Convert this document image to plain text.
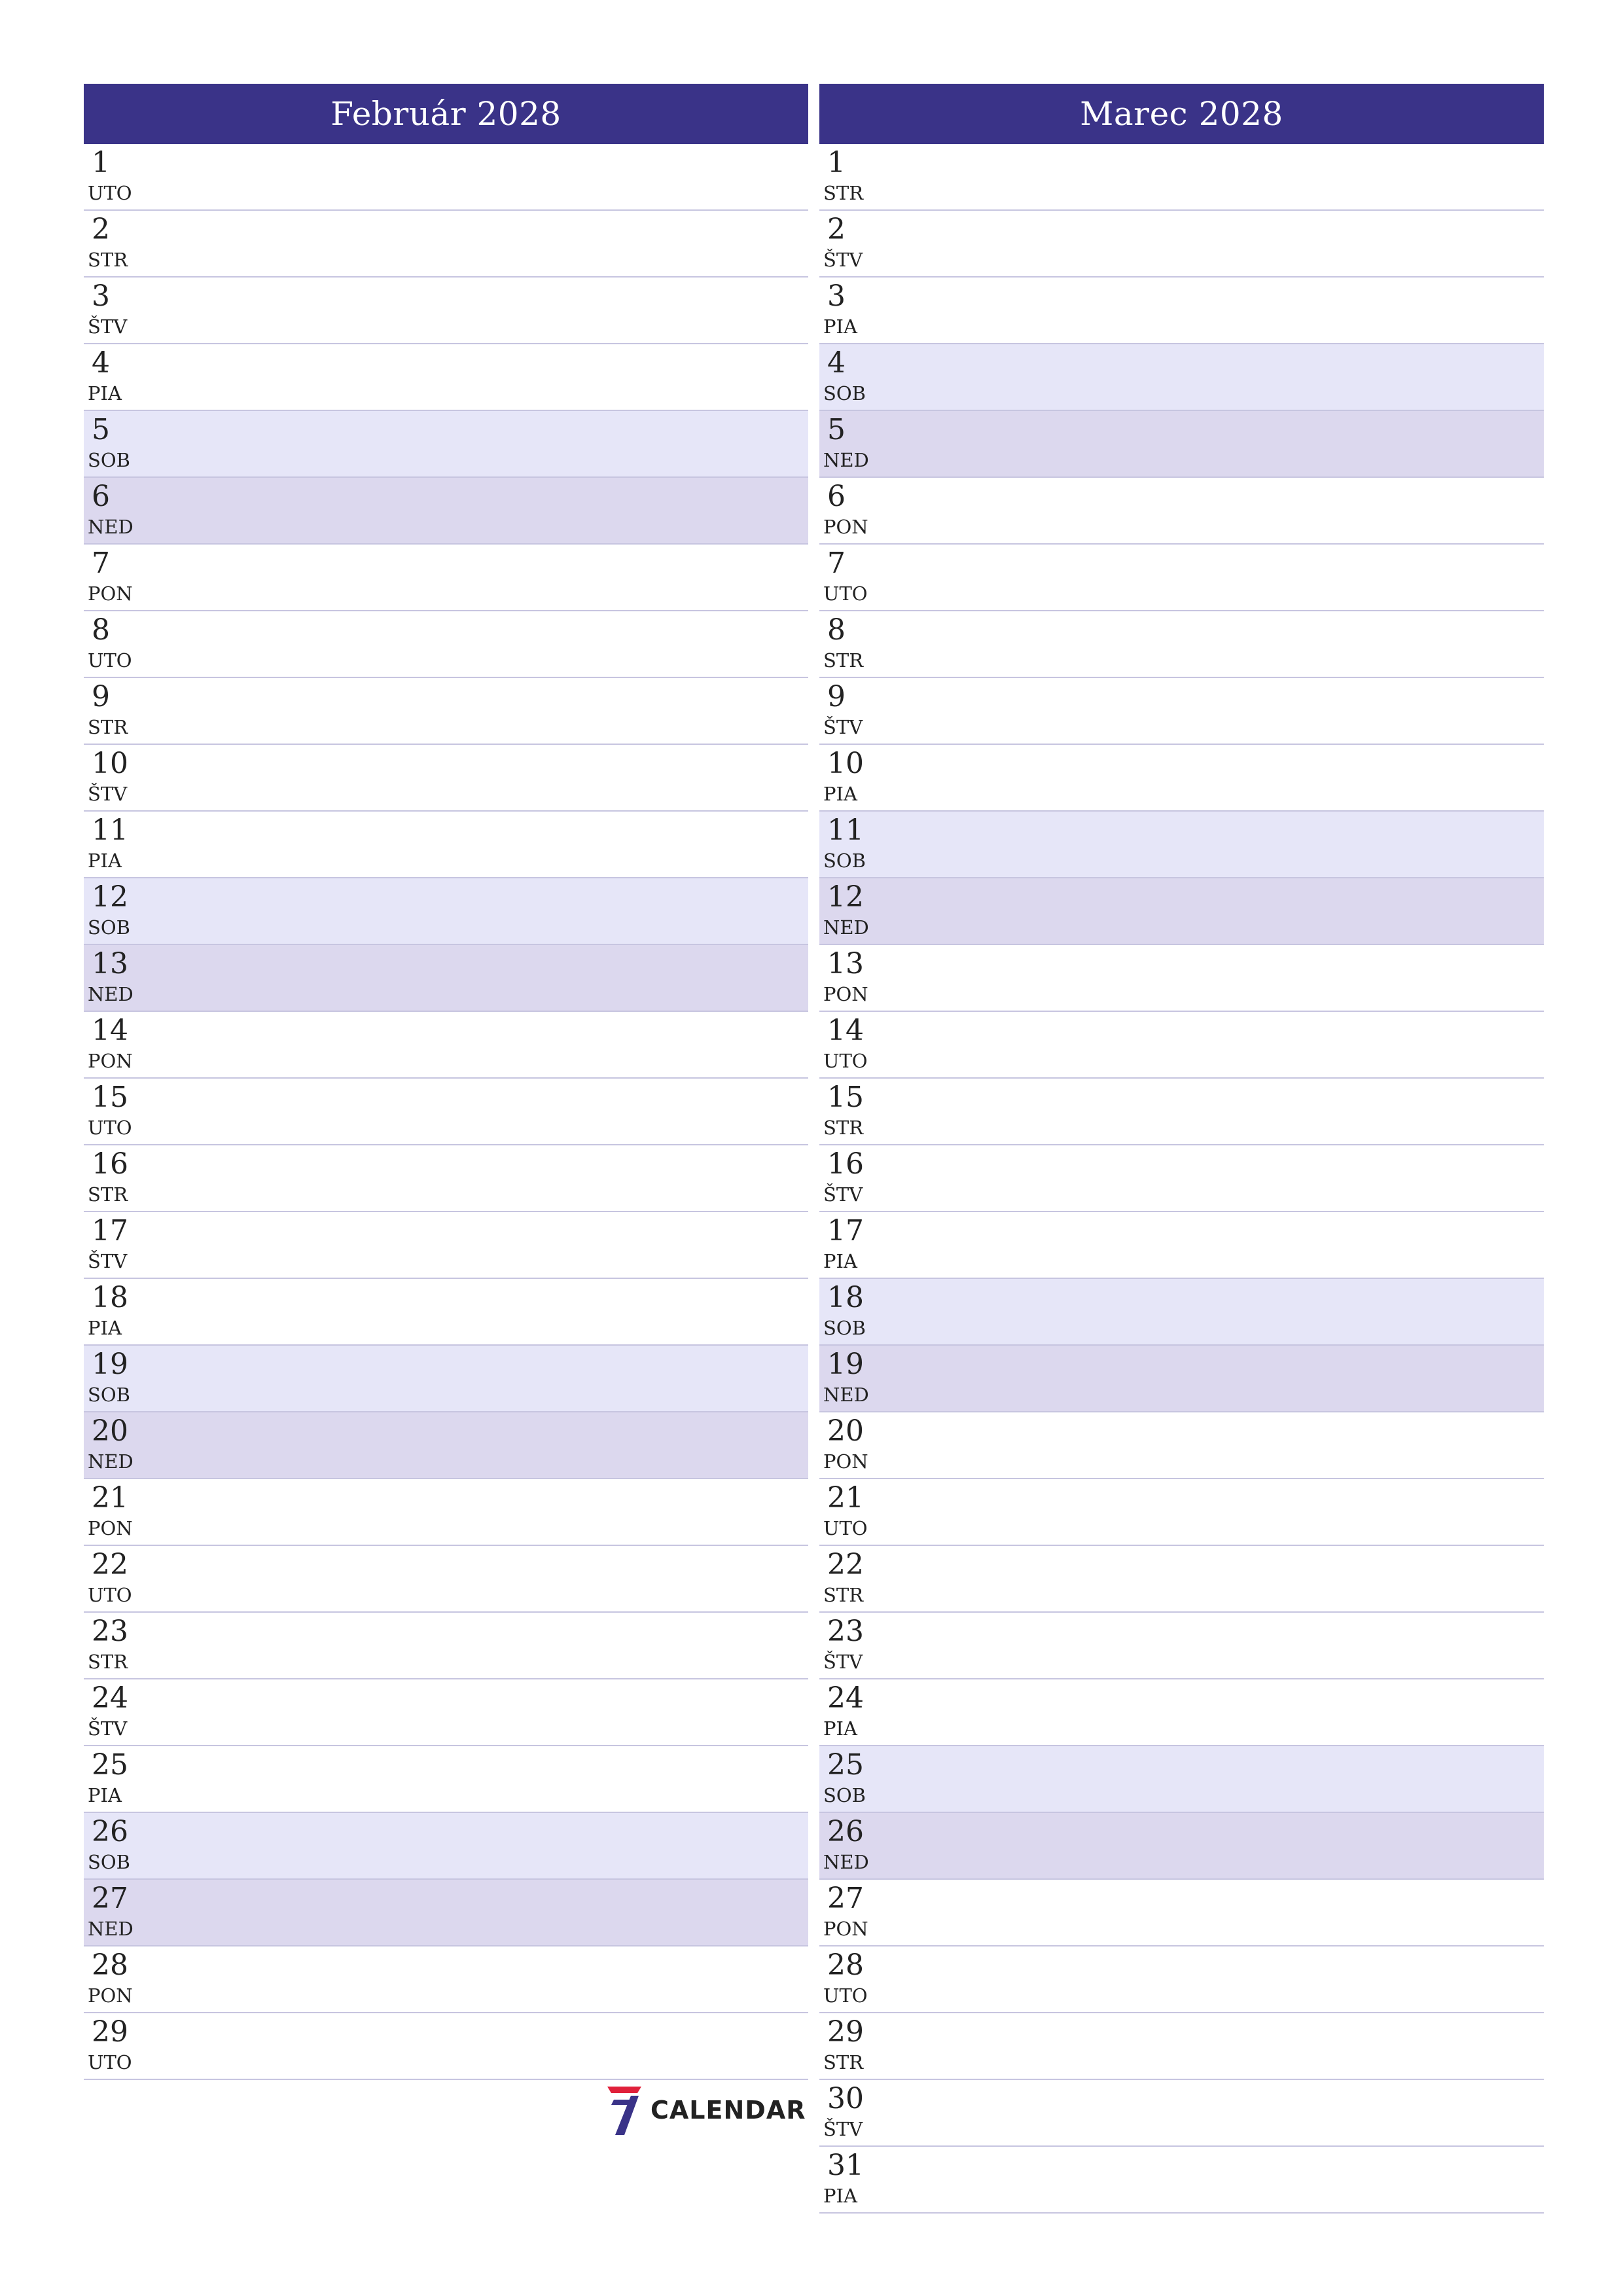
Február 2028
1
UTO
2
STR
3
ŠTV
4
PIA
5
SOB
6
NED
7
PON
8
UTO
9
STR
10
ŠTV
11
PIA
12
SOB
13
NED
14
PON
15
UTO
16
STR
17
ŠTV
18
PIA
19
SOB
20
NED
21
PON
22
UTO
23
STR
24
ŠTV
25
PIA
26
SOB
27
NED
28
PON
29
UTO
Marec 2028
1
STR
2
ŠTV
3
PIA
4
SOB
5
NED
6
PON
7
UTO
8
STR
9
ŠTV
10
PIA
11
SOB
12
NED
13
PON
14
UTO
15
STR
16
ŠTV
17
PIA
18
SOB
19
NED
20
PON
21
UTO
22
STR
23
ŠTV
24
PIA
25
SOB
26
NED
27
PON
28
UTO
29
STR
30
ŠTV
31
PIA
CALENDAR
